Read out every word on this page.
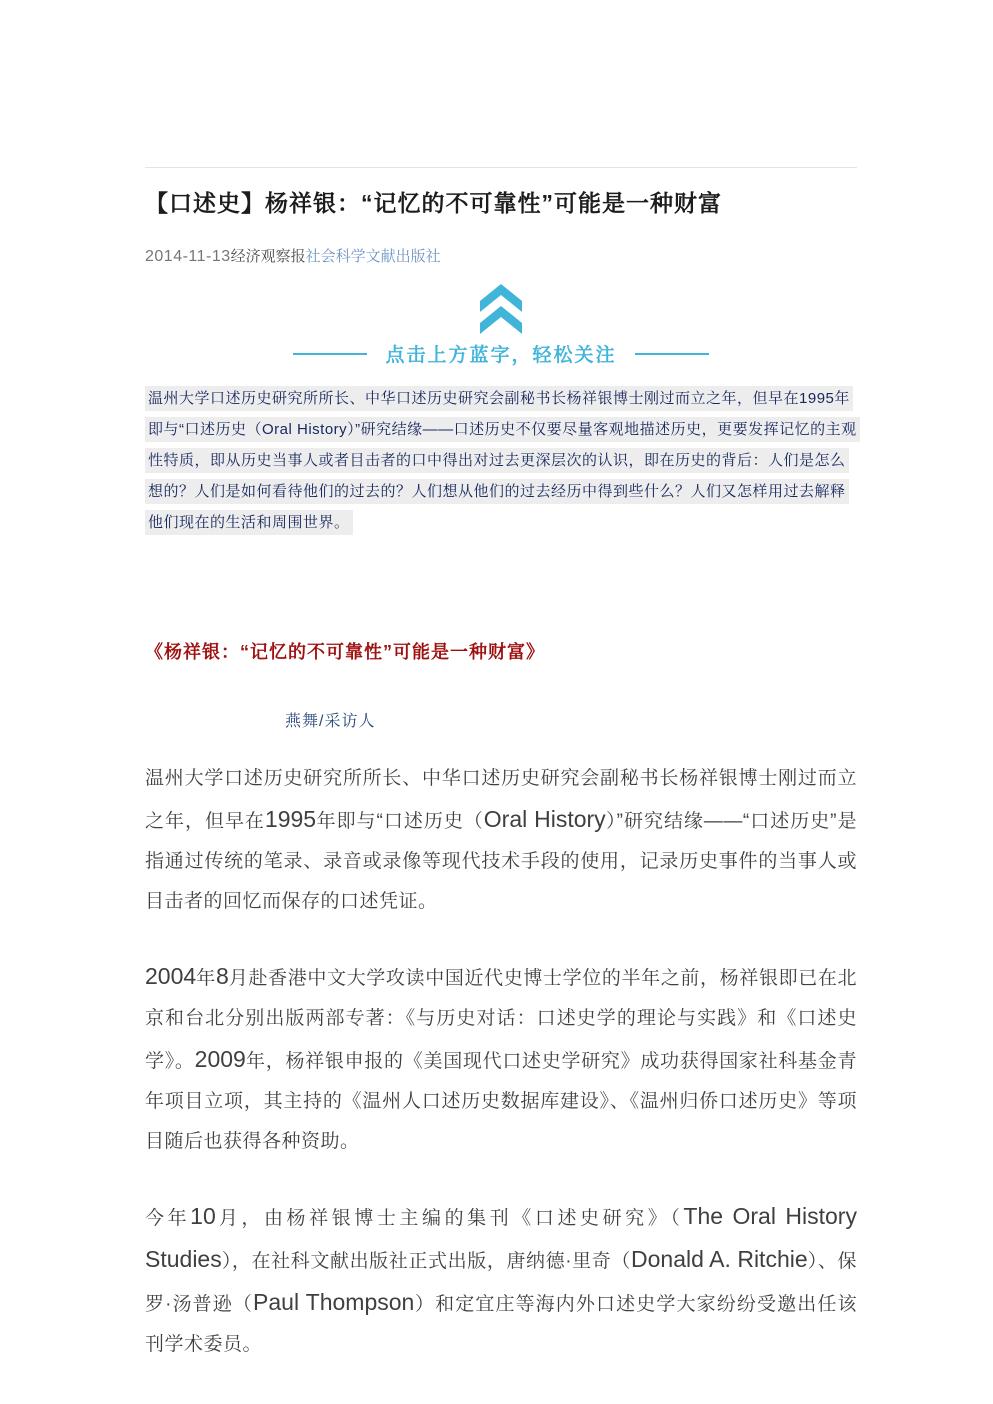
【口述史】杨祥银：“记忆的不可靠性”可能是一种财富
2014-11-13经济观察报社会科学文献出版社
点击上方蓝字，轻松关注
温州大学口述历史研究所所长、中华口述历史研究会副秘书长杨祥银博士刚过而立之年，但早在1995年即与“口述历史（Oral History）”研究结缘——口述历史不仅要尽量客观地描述历史，更要发挥记忆的主观性特质，即从历史当事人或者目击者的口中得出对过去更深层次的认识，即在历史的背后：人们是怎么想的？人们是如何看待他们的过去的？人们想从他们的过去经历中得到些什么？人们又怎样用过去解释他们现在的生活和周围世界。
《杨祥银：“记忆的不可靠性”可能是一种财富》
燕舞/采访人

温州大学口述历史研究所所长、中华口述历史研究会副秘书长杨祥银博士刚过而立之年，但早在1995年即与“口述历史（Oral History）”研究结缘——“口述历史”是指通过传统的笔录、录音或录像等现代技术手段的使用，记录历史事件的当事人或目击者的回忆而保存的口述凭证。

2004年8月赴香港中文大学攻读中国近代史博士学位的半年之前，杨祥银即已在北京和台北分别出版两部专著：《与历史对话：口述史学的理论与实践》和《口述史学》。2009年，杨祥银申报的《美国现代口述史学研究》成功获得国家社科基金青年项目立项，其主持的《温州人口述历史数据库建设》、《温州归侨口述历史》等项目随后也获得各种资助。

今年10月，由杨祥银博士主编的集刊《口述史研究》（The Oral History Studies），在社科文献出版社正式出版，唐纳德·里奇（Donald A. Ritchie）、保罗·汤普逊（Paul Thompson）和定宜庄等海内外口述史学大家纷纷受邀出任该刊学术委员。
